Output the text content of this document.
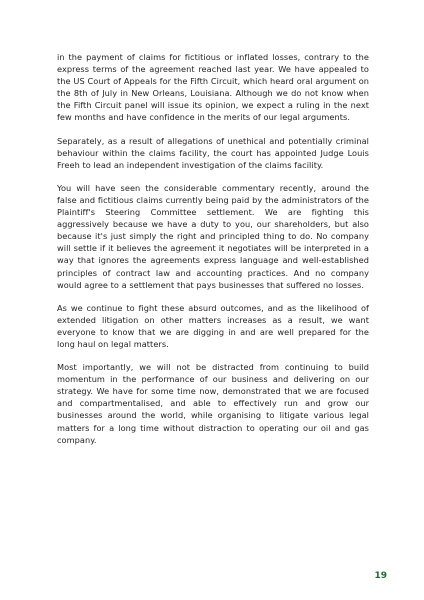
in the payment of claims for fictitious or inflated losses, contrary to the express terms of the agreement reached last year. We have appealed to the US Court of Appeals for the Fifth Circuit, which heard oral argument on the 8th of July in New Orleans, Louisiana. Although we do not know when the Fifth Circuit panel will issue its opinion, we expect a ruling in the next few months and have confidence in the merits of our legal arguments.

Separately, as a result of allegations of unethical and potentially criminal behaviour within the claims facility, the court has appointed Judge Louis Freeh to lead an independent investigation of the claims facility.

You will have seen the considerable commentary recently, around the false and fictitious claims currently being paid by the administrators of the Plaintiff's Steering Committee settlement. We are fighting this aggressively because we have a duty to you, our shareholders, but also because it's just simply the right and principled thing to do. No company will settle if it believes the agreement it negotiates will be interpreted in a way that ignores the agreements express language and well-established principles of contract law and accounting practices. And no company would agree to a settlement that pays businesses that suffered no losses.

As we continue to fight these absurd outcomes, and as the likelihood of extended litigation on other matters increases as a result, we want everyone to know that we are digging in and are well prepared for the long haul on legal matters.

Most importantly, we will not be distracted from continuing to build momentum in the performance of our business and delivering on our strategy. We have for some time now, demonstrated that we are focused and compartmentalised, and able to effectively run and grow our businesses around the world, while organising to litigate various legal matters for a long time without distraction to operating our oil and gas company.

19
